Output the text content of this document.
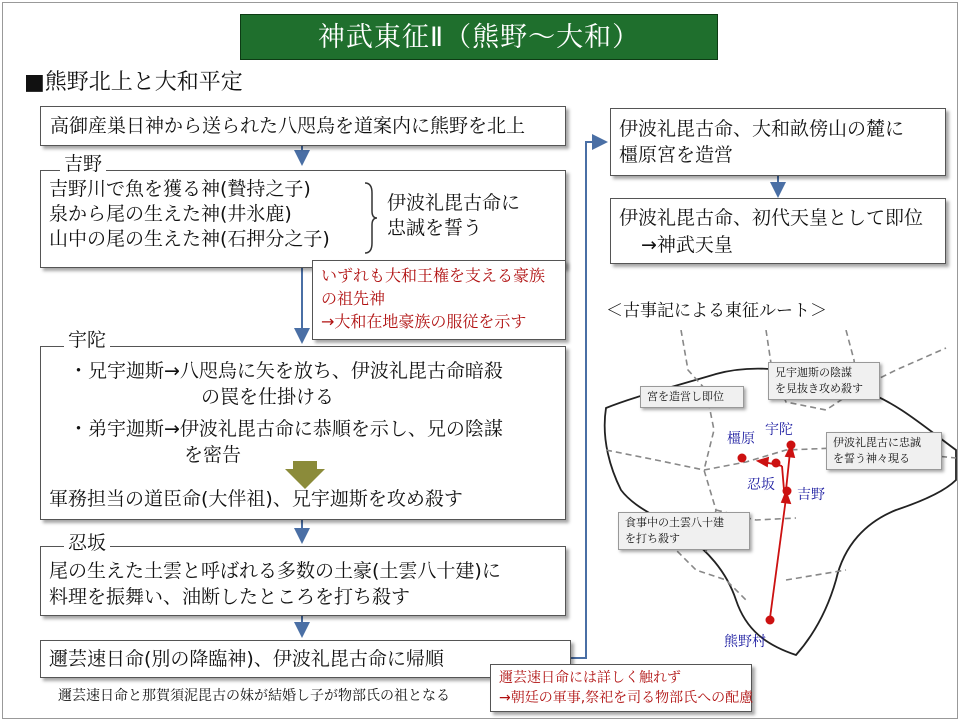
神武東征Ⅱ（熊野～大和）
■熊野北上と大和平定
高御産巣日神から送られた八咫烏を道案内に熊野を北上
吉野川で魚を獲る神(贄持之子)
泉から尾の生えた神(井氷鹿)
山中の尾の生えた神(石押分之子)
伊波礼毘古命に
忠誠を誓う
吉野
いずれも大和王権を支える豪族
の祖先神
→大和在地豪族の服従を示す
・兄宇迦斯→八咫烏に矢を放ち、伊波礼毘古命暗殺
の罠を仕掛ける
・弟宇迦斯→伊波礼毘古命に恭順を示し、兄の陰謀
を密告
軍務担当の道臣命(大伴祖)、兄宇迦斯を攻め殺す
宇陀
尾の生えた土雲と呼ばれる多数の土豪(土雲八十建)に
料理を振舞い、油断したところを打ち殺す
忍坂
邇芸速日命(別の降臨神)、伊波礼毘古命に帰順
邇芸速日命と那賀須泥毘古の妹が結婚し子が物部氏の祖となる
邇芸速日命には詳しく触れず
→朝廷の軍事,祭祀を司る物部氏への配慮
伊波礼毘古命、大和畝傍山の麓に
橿原宮を造営
伊波礼毘古命、初代天皇として即位
→神武天皇
＜古事記による東征ルート＞
橿原
宇陀
忍坂
吉野
熊野村
宮を造営し即位
兄宇迦斯の陰謀
を見抜き攻め殺す
伊波礼毘古に忠誠
を誓う神々現る
食事中の土雲八十建
を打ち殺す
